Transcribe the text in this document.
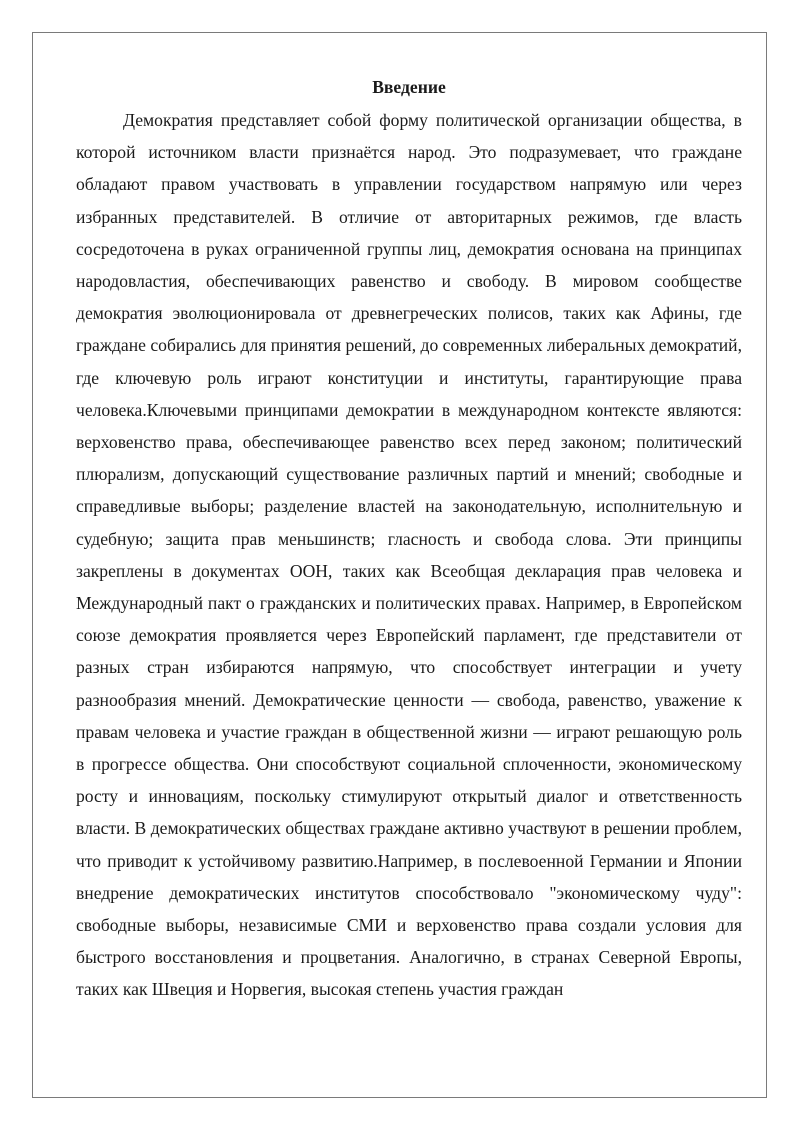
Введение

Демократия представляет собой форму политической организации общества, в которой источником власти признаётся народ. Это подразумевает, что граждане обладают правом участвовать в управлении государством напрямую или через избранных представителей. В отличие от авторитарных режимов, где власть сосредоточена в руках ограниченной группы лиц, демократия основана на принципах народовластия, обеспечивающих равенство и свободу. В мировом сообществе демократия эволюционировала от древнегреческих полисов, таких как Афины, где граждане собирались для принятия решений, до современных либеральных демократий, где ключевую роль играют конституции и институты, гарантирующие права человека.Ключевыми принципами демократии в международном контексте являются: верховенство права, обеспечивающее равенство всех перед законом; политический плюрализм, допускающий существование различных партий и мнений; свободные и справедливые выборы; разделение властей на законодательную, исполнительную и судебную; защита прав меньшинств; гласность и свобода слова. Эти принципы закреплены в документах ООН, таких как Всеобщая декларация прав человека и Международный пакт о гражданских и политических правах. Например, в Европейском союзе демократия проявляется через Европейский парламент, где представители от разных стран избираются напрямую, что способствует интеграции и учету разнообразия мнений. Демократические ценности — свобода, равенство, уважение к правам человека и участие граждан в общественной жизни — играют решающую роль в прогрессе общества. Они способствуют социальной сплоченности, экономическому росту и инновациям, поскольку стимулируют открытый диалог и ответственность власти. В демократических обществах граждане активно участвуют в решении проблем, что приводит к устойчивому развитию.Например, в послевоенной Германии и Японии внедрение демократических институтов способствовало "экономическому чуду": свободные выборы, независимые СМИ и верховенство права создали условия для быстрого восстановления и процветания. Аналогично, в странах Северной Европы, таких как Швеция и Норвегия, высокая степень участия граждан
